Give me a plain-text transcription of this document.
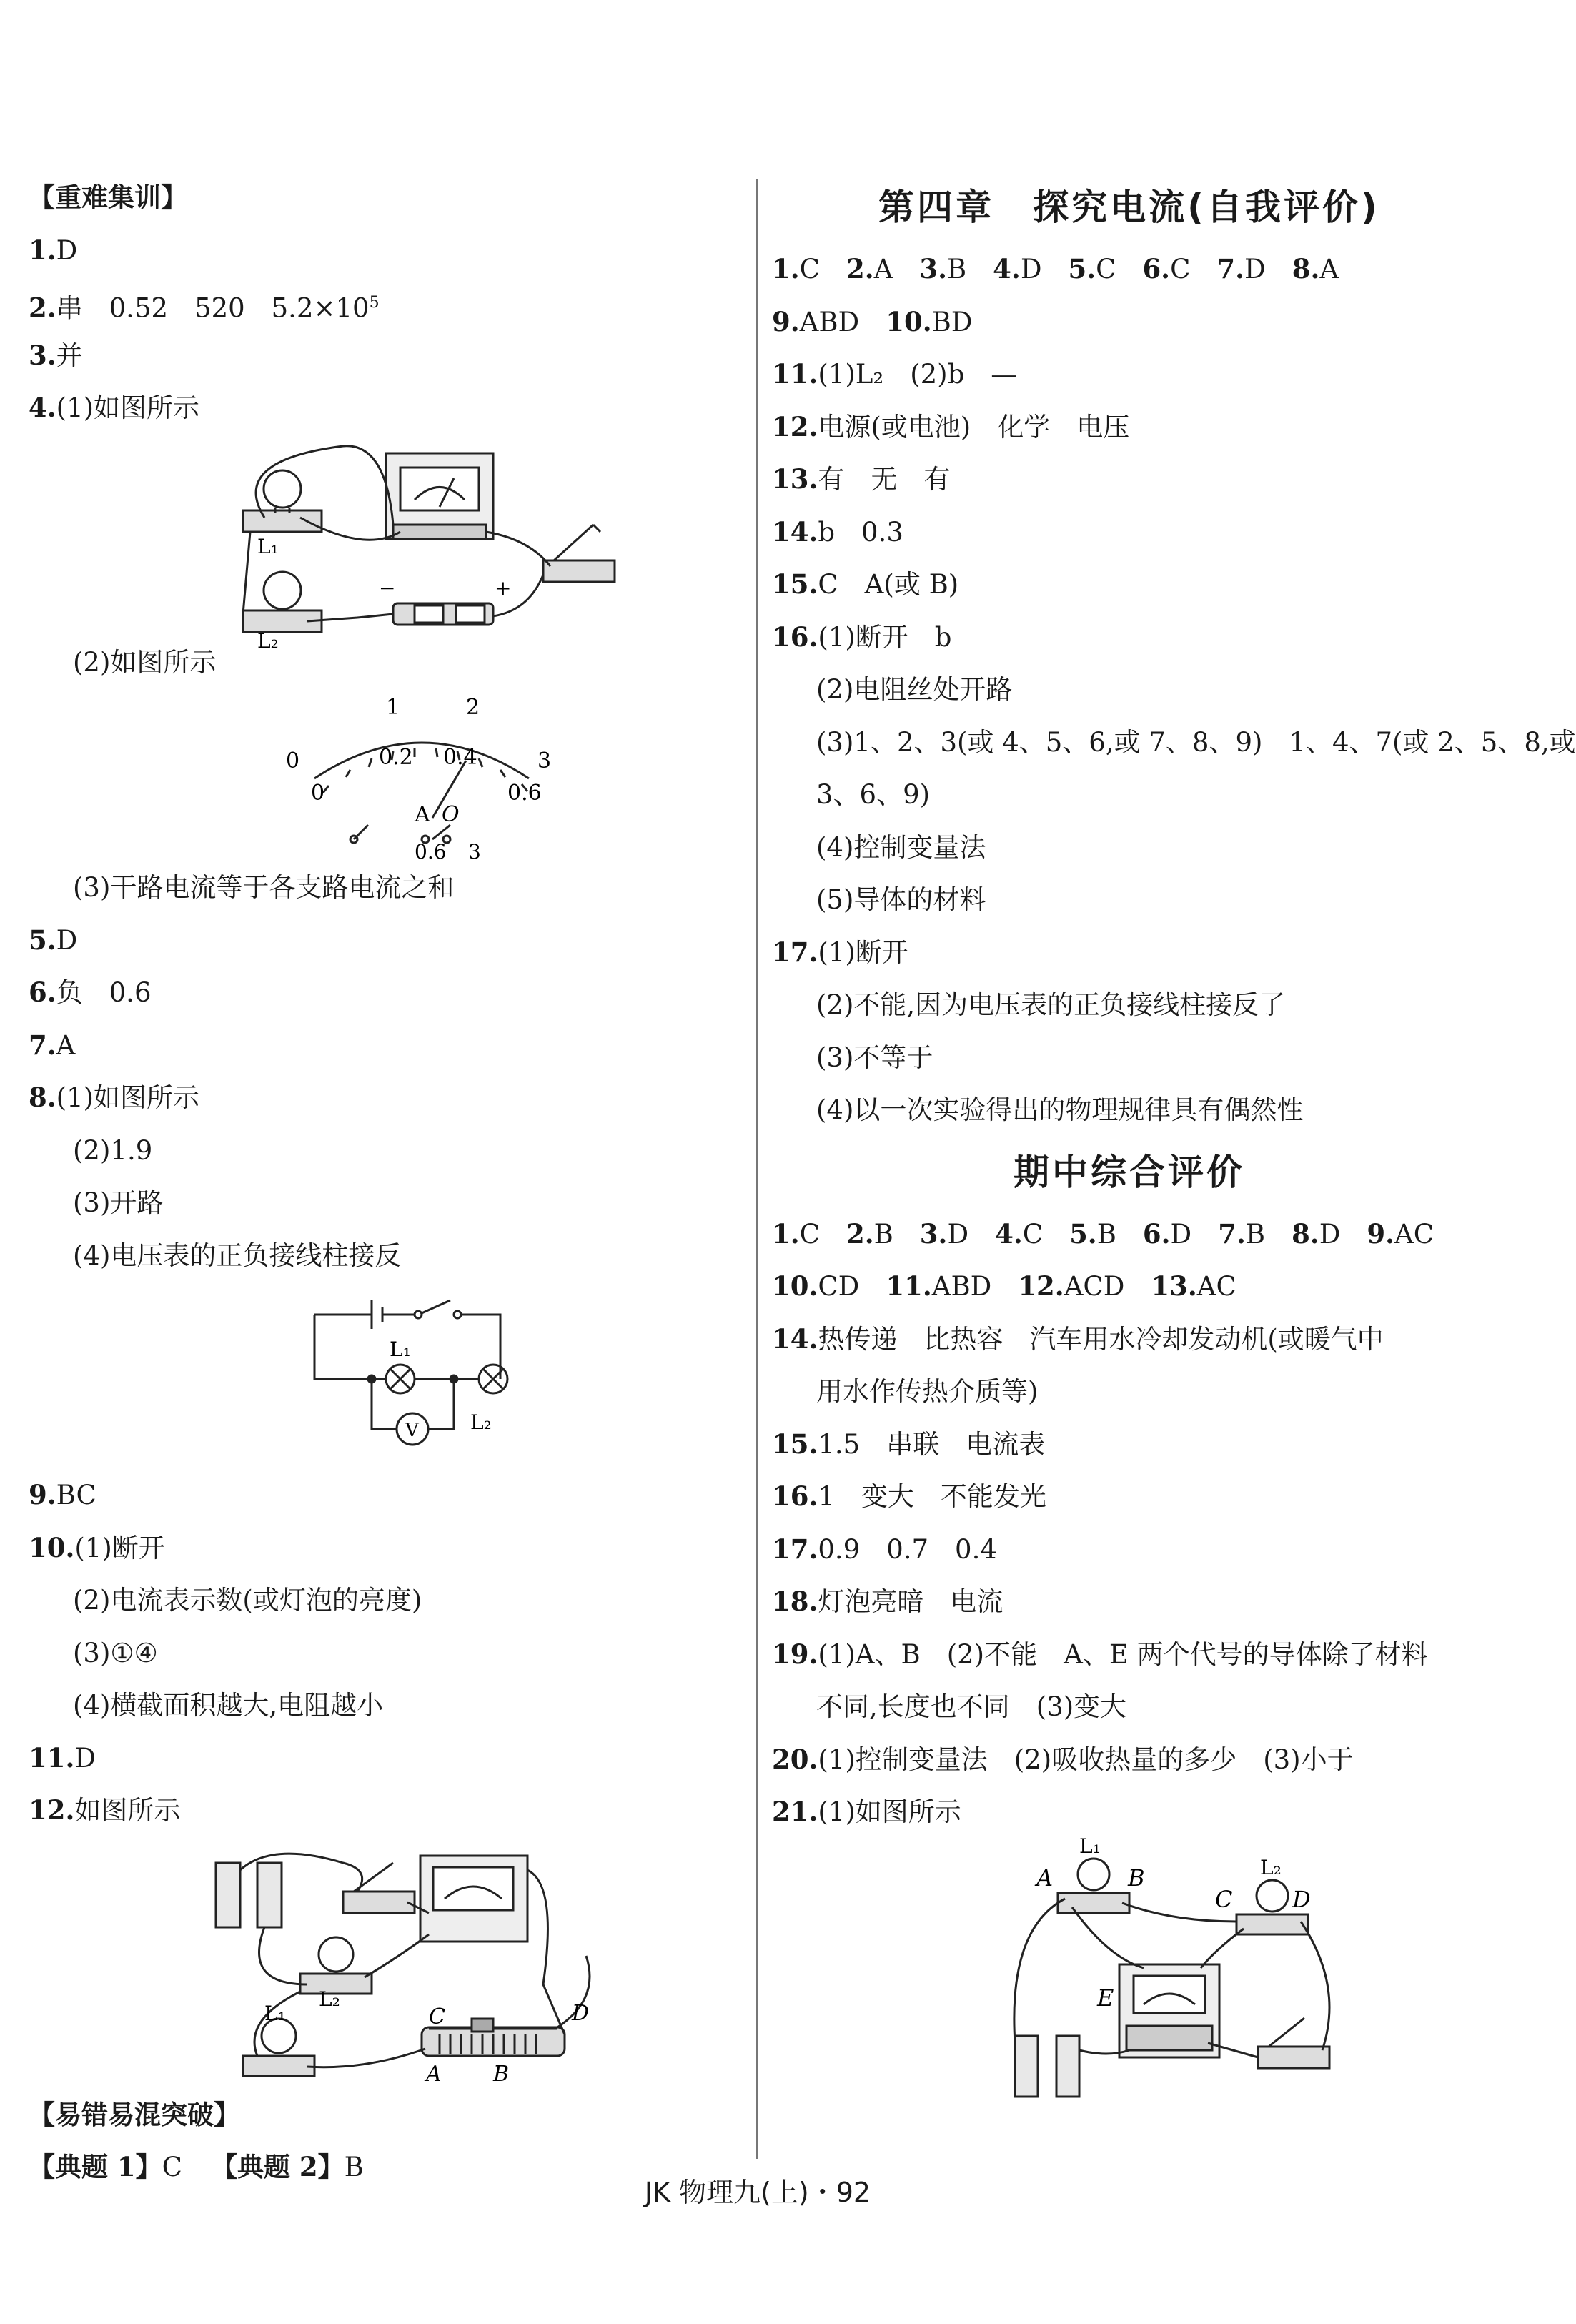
【重难集训】
1.D
2.串　0.52　520　$5.2\times 10^5$
3.并
4.(1)如图所示
L₁
L₂
−	+
(2)如图所示
1	2
0	0.2 0.4	3
0	0.6
A O
0.6 3
(3)干路电流等于各支路电流之和
5.D
6.负　0.6
7.A
8.(1)如图所示
(2)1.9
(3)开路
(4)电压表的正负接线柱接反
L₁
L₂
V
9.BC
10.(1)断开
(2)电流表示数(或灯泡的亮度)
(3)①④
(4)横截面积越大,电阻越小
11.D
12.如图所示
L₂
L₁	C	D
A B
【易错易混突破】
【典题 1】C 【典题 2】B
第四章　探究电流(自我评价)
1.C　2.A　3.B　4.D　5.C　6.C　7.D　8.A
9.ABD　10.BD
11.(1)L₂　(2)b　—
12.电源(或电池)　化学　电压
13.有　无　有
14.b　0.3
15.C　A(或 B)
16.(1)断开　b
(2)电阻丝处开路
(3)1、2、3(或 4、5、6,或 7、8、9)　1、4、7(或 2、5、8,或
3、6、9)
(4)控制变量法
(5)导体的材料
17.(1)断开
(2)不能,因为电压表的正负接线柱接反了
(3)不等于
(4)以一次实验得出的物理规律具有偶然性
期中综合评价
1.C　2.B　3.D　4.C　5.B　6.D　7.B　8.D　9.AC
10.CD　11.ABD　12.ACD　13.AC
14.热传递　比热容　汽车用水冷却发动机(或暖气中
用水作传热介质等)
15.1.5　串联　电流表
16.1　变大　不能发光
17.0.9　0.7　0.4
18.灯泡亮暗　电流
19.(1)A、B　(2)不能　A、E 两个代号的导体除了材料
不同,长度也不同　(3)变大
20.(1)控制变量法　(2)吸收热量的多少　(3)小于
21.(1)如图所示
A
L₁
B
C
L₂
D
E
JK 物理九(上)・92
